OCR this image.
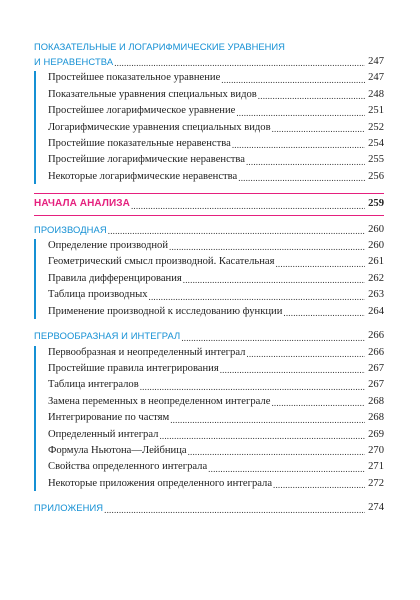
ПОКАЗАТЕЛЬНЫЕ И ЛОГАРИФМИЧЕСКИЕ УРАВНЕНИЯ
И НЕРАВЕНСТВА .....	247
Простейшее показательное уравнение .....	247
Показательные уравнения специальных видов .....	248
Простейшее логарифмическое уравнение .....	251
Логарифмические уравнения специальных видов .....	252
Простейшие показательные неравенства .....	254
Простейшие логарифмические неравенства .....	255
Некоторые логарифмические неравенства .....	256
НАЧАЛА АНАЛИЗА .....	259
ПРОИЗВОДНАЯ .....	260
Определение производной .....	260
Геометрический смысл производной. Касательная .....	261
Правила дифференцирования .....	262
Таблица производных .....	263
Применение производной к исследованию функции .....	264
ПЕРВООБРАЗНАЯ И ИНТЕГРАЛ .....	266
Первообразная и неопределенный интеграл .....	266
Простейшие правила интегрирования .....	267
Таблица интегралов .....	267
Замена переменных в неопределенном интеграле .....	268
Интегрирование по частям .....	268
Определенный интеграл .....	269
Формула Ньютона—Лейбница .....	270
Свойства определенного интеграла .....	271
Некоторые приложения определенного интеграла .....	272
ПРИЛОЖЕНИЯ .....	274
